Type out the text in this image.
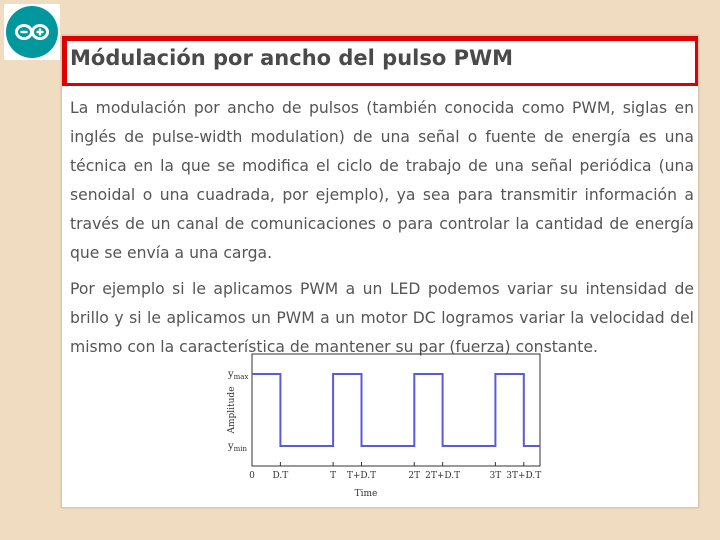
Módulación por ancho del pulso PWM

La modulación por ancho de pulsos (también conocida como PWM, siglas en inglés de pulse-width modulation) de una señal o fuente de energía es una técnica en la que se modifica el ciclo de trabajo de una señal periódica (una senoidal o una cuadrada, por ejemplo), ya sea para transmitir información a través de un canal de comunicaciones o para controlar la cantidad de energía que se envía a una carga.

Por ejemplo si le aplicamos PWM a un LED podemos variar su intensidad de brillo y si le aplicamos un PWM a un motor DC logramos variar la velocidad del mismo con la característica de mantener su par (fuerza) constante.

0 D.T	T T+D.T	2T 2T+D.T	3T 3T+D.T
$y_{max}$
$y_{min}$
Amplitude
Time
